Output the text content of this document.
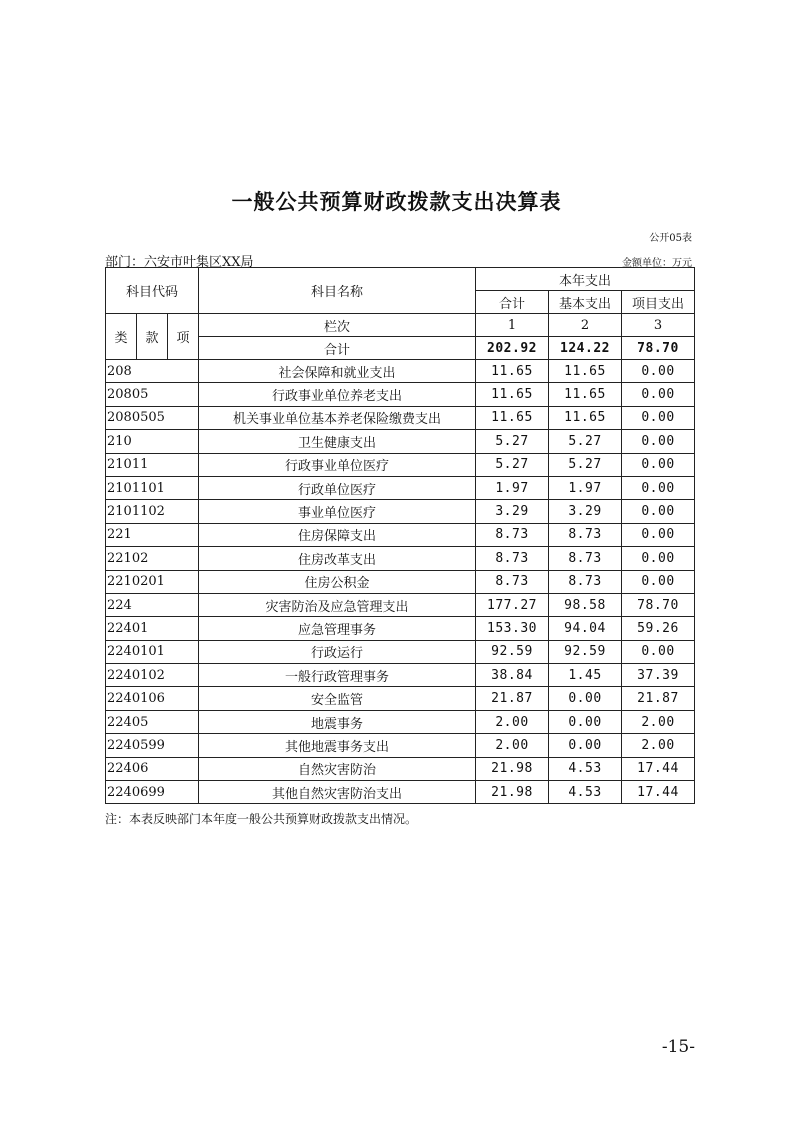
一般公共预算财政拨款支出决算表
公开05表
部门：六安市叶集区XX局	金额单位：万元
科目代码			科目名称	本年支出		
				合计	基本支出	项目支出
类	款	项	栏次	1	2	3
			合计	202.92	124.22	78.70
208			社会保障和就业支出	11.65	11.65	0.00
20805			行政事业单位养老支出	11.65	11.65	0.00
2080505			机关事业单位基本养老保险缴费支出	11.65	11.65	0.00
210			卫生健康支出	5.27	5.27	0.00
21011			行政事业单位医疗	5.27	5.27	0.00
2101101			行政单位医疗	1.97	1.97	0.00
2101102			事业单位医疗	3.29	3.29	0.00
221			住房保障支出	8.73	8.73	0.00
22102			住房改革支出	8.73	8.73	0.00
2210201			住房公积金	8.73	8.73	0.00
224			灾害防治及应急管理支出	177.27	98.58	78.70
22401			应急管理事务	153.30	94.04	59.26
2240101			行政运行	92.59	92.59	0.00
2240102			一般行政管理事务	38.84	1.45	37.39
2240106			安全监管	21.87	0.00	21.87
22405			地震事务	2.00	0.00	2.00
2240599			其他地震事务支出	2.00	0.00	2.00
22406			自然灾害防治	21.98	4.53	17.44
2240699			其他自然灾害防治支出	21.98	4.53	17.44
注：本表反映部门本年度一般公共预算财政拨款支出情况。
-15-
